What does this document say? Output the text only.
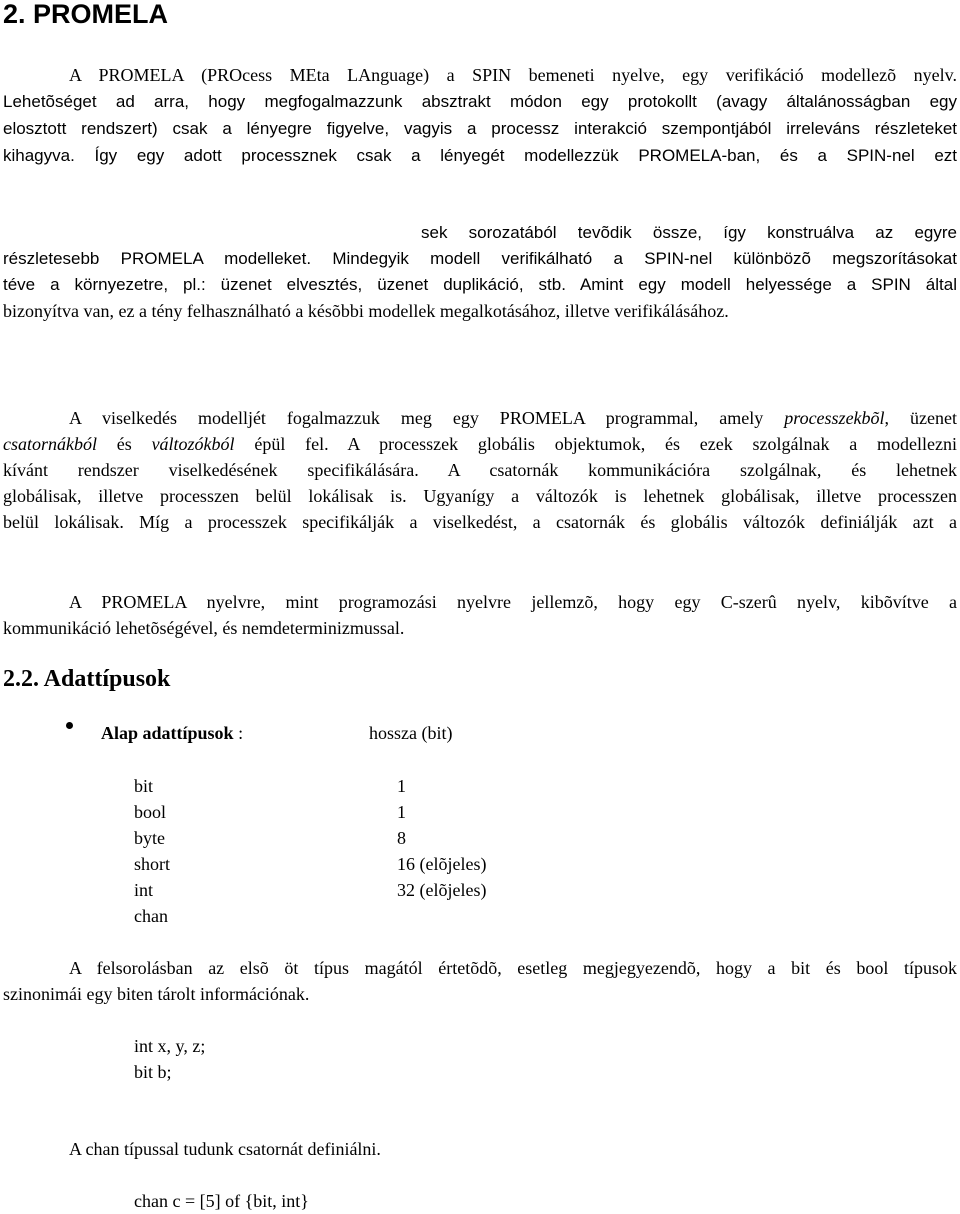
2. PROMELA
A PROMELA (PROcess MEta LAnguage) a SPIN bemeneti nyelve, egy verifikáció modellezõ nyelv.
Lehetõséget ad arra, hogy megfogalmazzunk absztrakt módon egy protokollt (avagy általánosságban egy
elosztott rendszert) csak a lényegre figyelve, vagyis a processz interakció szempontjából irreleváns részleteket
kihagyva. Így egy adott processznek csak a lényegét modellezzük PROMELA-ban, és a SPIN-nel ezt
sek sorozatából tevõdik össze, így konstruálva az egyre
részletesebb PROMELA modelleket. Mindegyik modell verifikálható a SPIN-nel különbözõ megszorításokat
téve a környezetre, pl.: üzenet elvesztés, üzenet duplikáció, stb. Amint egy modell helyessége a SPIN által
bizonyítva van, ez a tény felhasználható a késõbbi modellek megalkotásához, illetve verifikálásához.
A viselkedés modelljét fogalmazzuk meg egy PROMELA programmal, amely processzekbõl, üzenet
csatornákból és változókból épül fel. A processzek globális objektumok, és ezek szolgálnak a modellezni
kívánt rendszer viselkedésének specifikálására. A csatornák kommunikációra szolgálnak, és lehetnek
globálisak, illetve processzen belül lokálisak is. Ugyanígy a változók is lehetnek globálisak, illetve processzen
belül lokálisak. Míg a processzek specifikálják a viselkedést, a csatornák és globális változók definiálják azt a
A PROMELA nyelvre, mint programozási nyelvre jellemzõ, hogy egy C-szerû nyelv, kibõvítve a
kommunikáció lehetõségével, és nemdeterminizmussal.
2.2. Adattípusok
Alap adattípusok :	hossza (bit)
bit	1
bool	1
byte	8
short	16 (elõjeles)
int	32 (elõjeles)
chan
A felsorolásban az elsõ öt típus magától értetõdõ, esetleg megjegyezendõ, hogy a bit és bool típusok
szinonimái egy biten tárolt információnak.
int x, y, z;
bit b;
A chan típussal tudunk csatornát definiálni.
chan c = [5] of {bit, int}
